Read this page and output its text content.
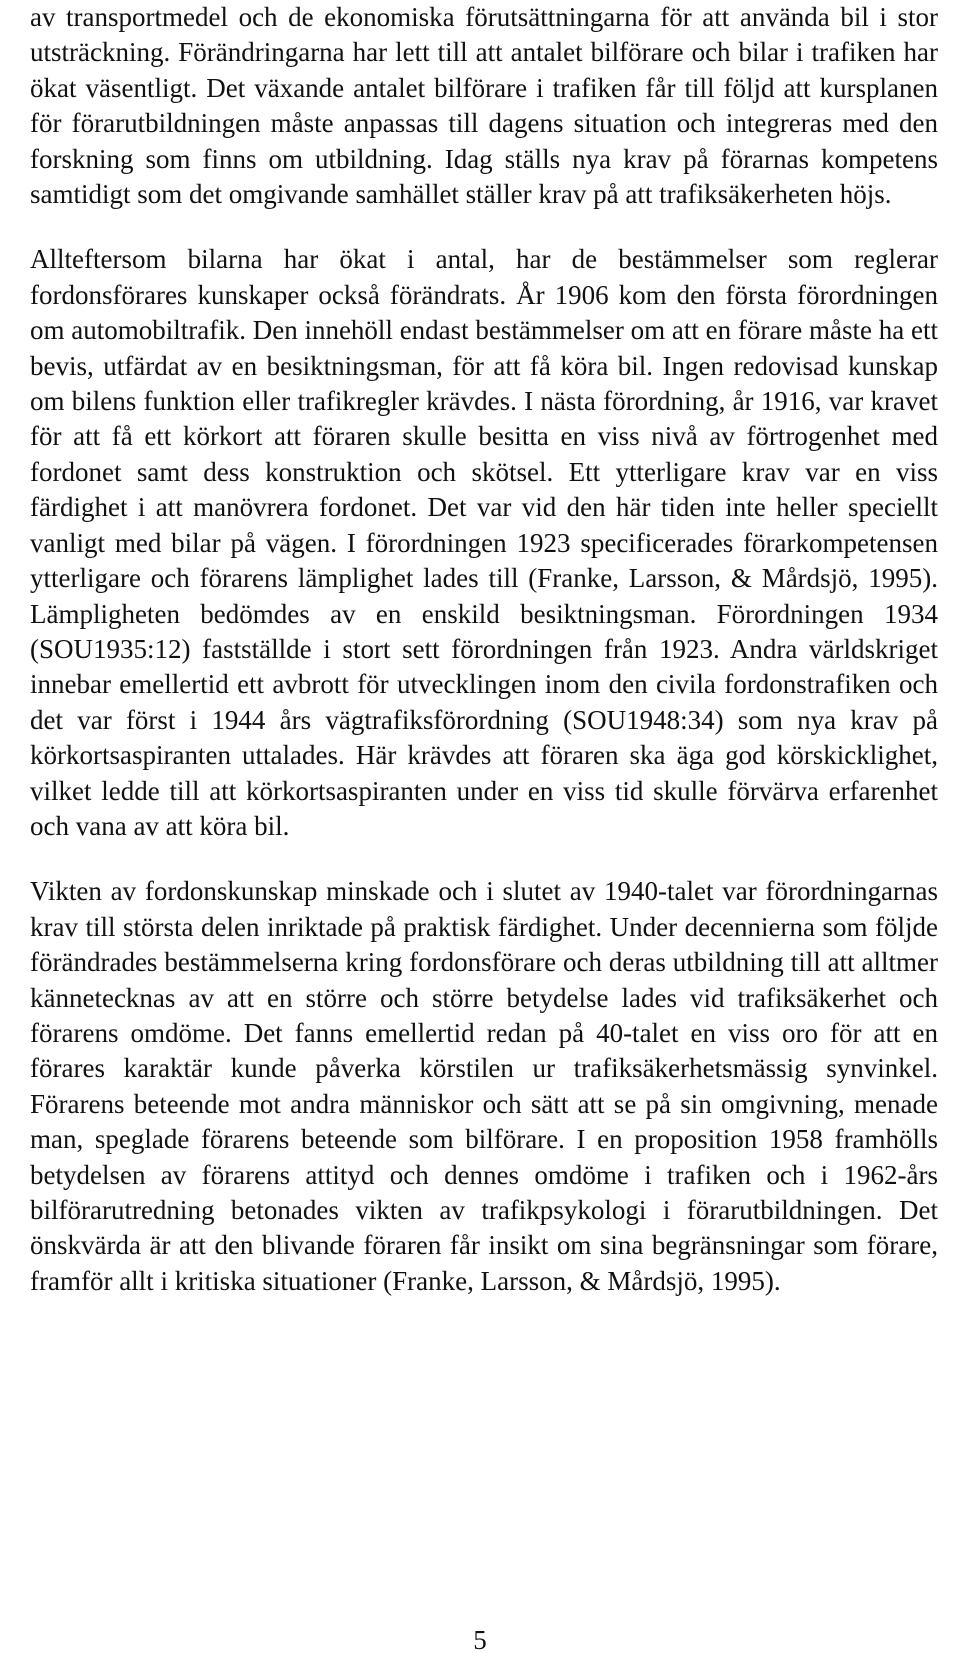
av transportmedel och de ekonomiska förutsättningarna för att använda bil i stor utsträckning. Förändringarna har lett till att antalet bilförare och bilar i trafiken har ökat väsentligt. Det växande antalet bilförare i trafiken får till följd att kursplanen för förarutbildningen måste anpassas till dagens situation och integreras med den forskning som finns om utbildning. Idag ställs nya krav på förarnas kompetens samtidigt som det omgivande samhället ställer krav på att trafiksäkerheten höjs.

Allteftersom bilarna har ökat i antal, har de bestämmelser som reglerar fordonsförares kunskaper också förändrats. År 1906 kom den första förordningen om automobiltrafik. Den innehöll endast bestämmelser om att en förare måste ha ett bevis, utfärdat av en besiktningsman, för att få köra bil. Ingen redovisad kunskap om bilens funktion eller trafikregler krävdes. I nästa förordning, år 1916, var kravet för att få ett körkort att föraren skulle besitta en viss nivå av förtrogenhet med fordonet samt dess konstruktion och skötsel. Ett ytterligare krav var en viss färdighet i att manövrera fordonet. Det var vid den här tiden inte heller speciellt vanligt med bilar på vägen. I förordningen 1923 specificerades förarkompetensen ytterligare och förarens lämplighet lades till (Franke, Larsson, & Mårdsjö, 1995). Lämpligheten bedömdes av en enskild besiktningsman. Förordningen 1934 (SOU1935:12) fastställde i stort sett förordningen från 1923. Andra världskriget innebar emellertid ett avbrott för utvecklingen inom den civila fordonstrafiken och det var först i 1944 års vägtrafiksförordning (SOU1948:34) som nya krav på körkortsaspiranten uttalades. Här krävdes att föraren ska äga god körskicklighet, vilket ledde till att körkortsaspiranten under en viss tid skulle förvärva erfarenhet och vana av att köra bil.

Vikten av fordonskunskap minskade och i slutet av 1940-talet var förordningarnas krav till största delen inriktade på praktisk färdighet. Under decennierna som följde förändrades bestämmelserna kring fordonsförare och deras utbildning till att alltmer kännetecknas av att en större och större betydelse lades vid trafiksäkerhet och förarens omdöme. Det fanns emellertid redan på 40-talet en viss oro för att en förares karaktär kunde påverka körstilen ur trafiksäkerhetsmässig synvinkel. Förarens beteende mot andra människor och sätt att se på sin omgivning, menade man, speglade förarens beteende som bilförare. I en proposition 1958 framhölls betydelsen av förarens attityd och dennes omdöme i trafiken och i 1962-års bilförarutredning betonades vikten av trafikpsykologi i förarutbildningen. Det önskvärda är att den blivande föraren får insikt om sina begränsningar som förare, framför allt i kritiska situationer (Franke, Larsson, & Mårdsjö, 1995).

5
